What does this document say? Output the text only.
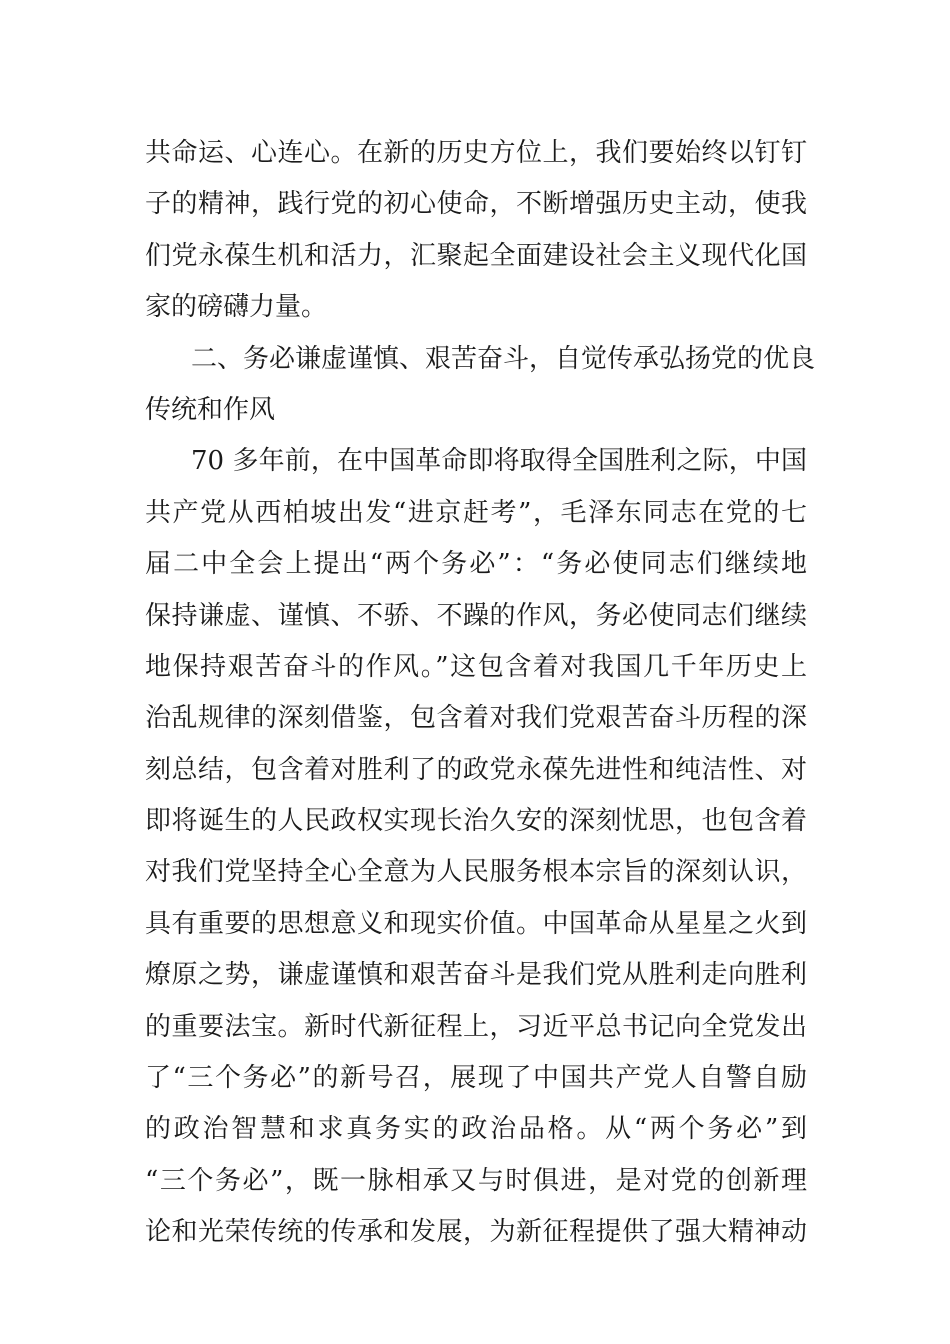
共命运、心连心。在新的历史方位上，我们要始终以钉钉
子的精神，践行党的初心使命，不断增强历史主动，使我
们党永葆生机和活力，汇聚起全面建设社会主义现代化国
家的磅礴力量。
二、务必谦虚谨慎、艰苦奋斗，自觉传承弘扬党的优良
传统和作风
70 多年前，在中国革命即将取得全国胜利之际，中国
共产党从西柏坡出发“进京赶考”，毛泽东同志在党的七
届二中全会上提出“两个务必”：“务必使同志们继续地
保持谦虚、谨慎、不骄、不躁的作风，务必使同志们继续
地保持艰苦奋斗的作风。”这包含着对我国几千年历史上
治乱规律的深刻借鉴，包含着对我们党艰苦奋斗历程的深
刻总结，包含着对胜利了的政党永葆先进性和纯洁性、对
即将诞生的人民政权实现长治久安的深刻忧思，也包含着
对我们党坚持全心全意为人民服务根本宗旨的深刻认识，
具有重要的思想意义和现实价值。中国革命从星星之火到
燎原之势，谦虚谨慎和艰苦奋斗是我们党从胜利走向胜利
的重要法宝。新时代新征程上，习近平总书记向全党发出
了“三个务必”的新号召，展现了中国共产党人自警自励
的政治智慧和求真务实的政治品格。从“两个务必”到
“三个务必”，既一脉相承又与时俱进，是对党的创新理
论和光荣传统的传承和发展，为新征程提供了强大精神动
